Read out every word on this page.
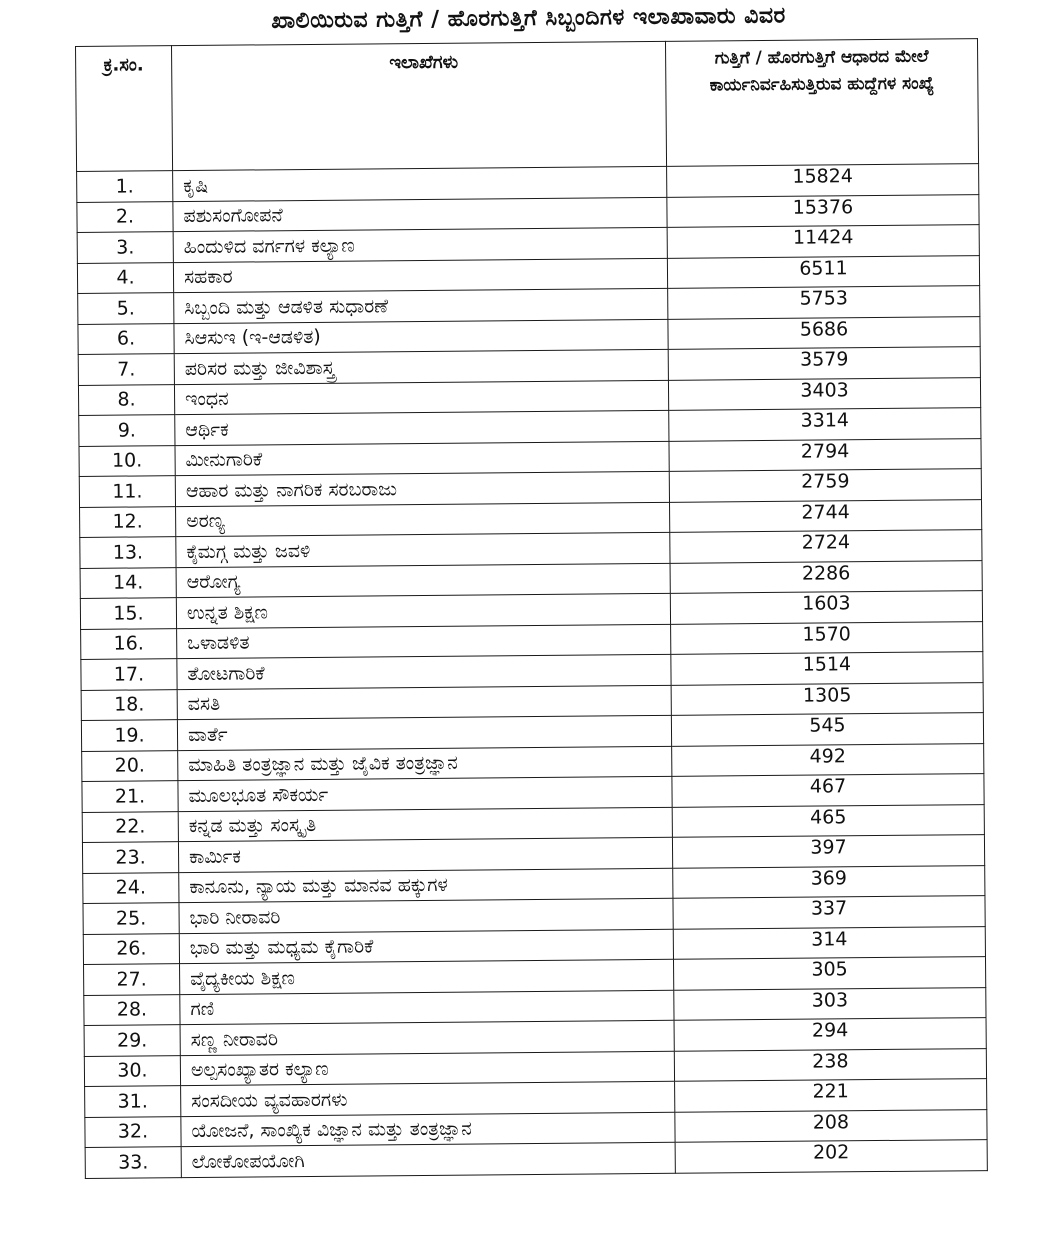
ಖಾಲಿಯಿರುವ ಗುತ್ತಿಗೆ / ಹೊರಗುತ್ತಿಗೆ ಸಿಬ್ಬಂದಿಗಳ ಇಲಾಖಾವಾರು ವಿವರ
ಕ್ರ.ಸಂ.	ಇಲಾಖೆಗಳು	ಗುತ್ತಿಗೆ / ಹೊರಗುತ್ತಿಗೆ ಆಧಾರದ ಮೇಲೆ ಕಾರ್ಯನಿರ್ವಹಿಸುತ್ತಿರುವ ಹುದ್ದೆಗಳ ಸಂಖ್ಯೆ
1.	ಕೃಷಿ	15824
2.	ಪಶುಸಂಗೋಪನೆ	15376
3.	ಹಿಂದುಳಿದ ವರ್ಗಗಳ ಕಲ್ಯಾಣ	11424
4.	ಸಹಕಾರ	6511
5.	ಸಿಬ್ಬಂದಿ ಮತ್ತು ಆಡಳಿತ ಸುಧಾರಣೆ	5753
6.	ಸಿಆಸುಇ (ಇ-ಆಡಳಿತ)	5686
7.	ಪರಿಸರ ಮತ್ತು ಜೀವಿಶಾಸ್ತ್ರ	3579
8.	ಇಂಧನ	3403
9.	ಆರ್ಥಿಕ	3314
10.	ಮೀನುಗಾರಿಕೆ	2794
11.	ಆಹಾರ ಮತ್ತು ನಾಗರಿಕ ಸರಬರಾಜು	2759
12.	ಅರಣ್ಯ	2744
13.	ಕೈಮಗ್ಗ ಮತ್ತು ಜವಳಿ	2724
14.	ಆರೋಗ್ಯ	2286
15.	ಉನ್ನತ ಶಿಕ್ಷಣ	1603
16.	ಒಳಾಡಳಿತ	1570
17.	ತೋಟಗಾರಿಕೆ	1514
18.	ವಸತಿ	1305
19.	ವಾರ್ತೆ	545
20.	ಮಾಹಿತಿ ತಂತ್ರಜ್ಞಾನ ಮತ್ತು ಜೈವಿಕ ತಂತ್ರಜ್ಞಾನ	492
21.	ಮೂಲಭೂತ ಸೌಕರ್ಯ	467
22.	ಕನ್ನಡ ಮತ್ತು ಸಂಸ್ಕೃತಿ	465
23.	ಕಾರ್ಮಿಕ	397
24.	ಕಾನೂನು, ನ್ಯಾಯ ಮತ್ತು ಮಾನವ ಹಕ್ಕುಗಳ	369
25.	ಭಾರಿ ನೀರಾವರಿ	337
26.	ಭಾರಿ ಮತ್ತು ಮಧ್ಯಮ ಕೈಗಾರಿಕೆ	314
27.	ವೈದ್ಯಕೀಯ ಶಿಕ್ಷಣ	305
28.	ಗಣಿ	303
29.	ಸಣ್ಣ ನೀರಾವರಿ	294
30.	ಅಲ್ಪಸಂಖ್ಯಾತರ ಕಲ್ಯಾಣ	238
31.	ಸಂಸದೀಯ ವ್ಯವಹಾರಗಳು	221
32.	ಯೋಜನೆ, ಸಾಂಖ್ಯಿಕ ವಿಜ್ಞಾನ ಮತ್ತು ತಂತ್ರಜ್ಞಾನ	208
33.	ಲೋಕೋಪಯೋಗಿ	202
